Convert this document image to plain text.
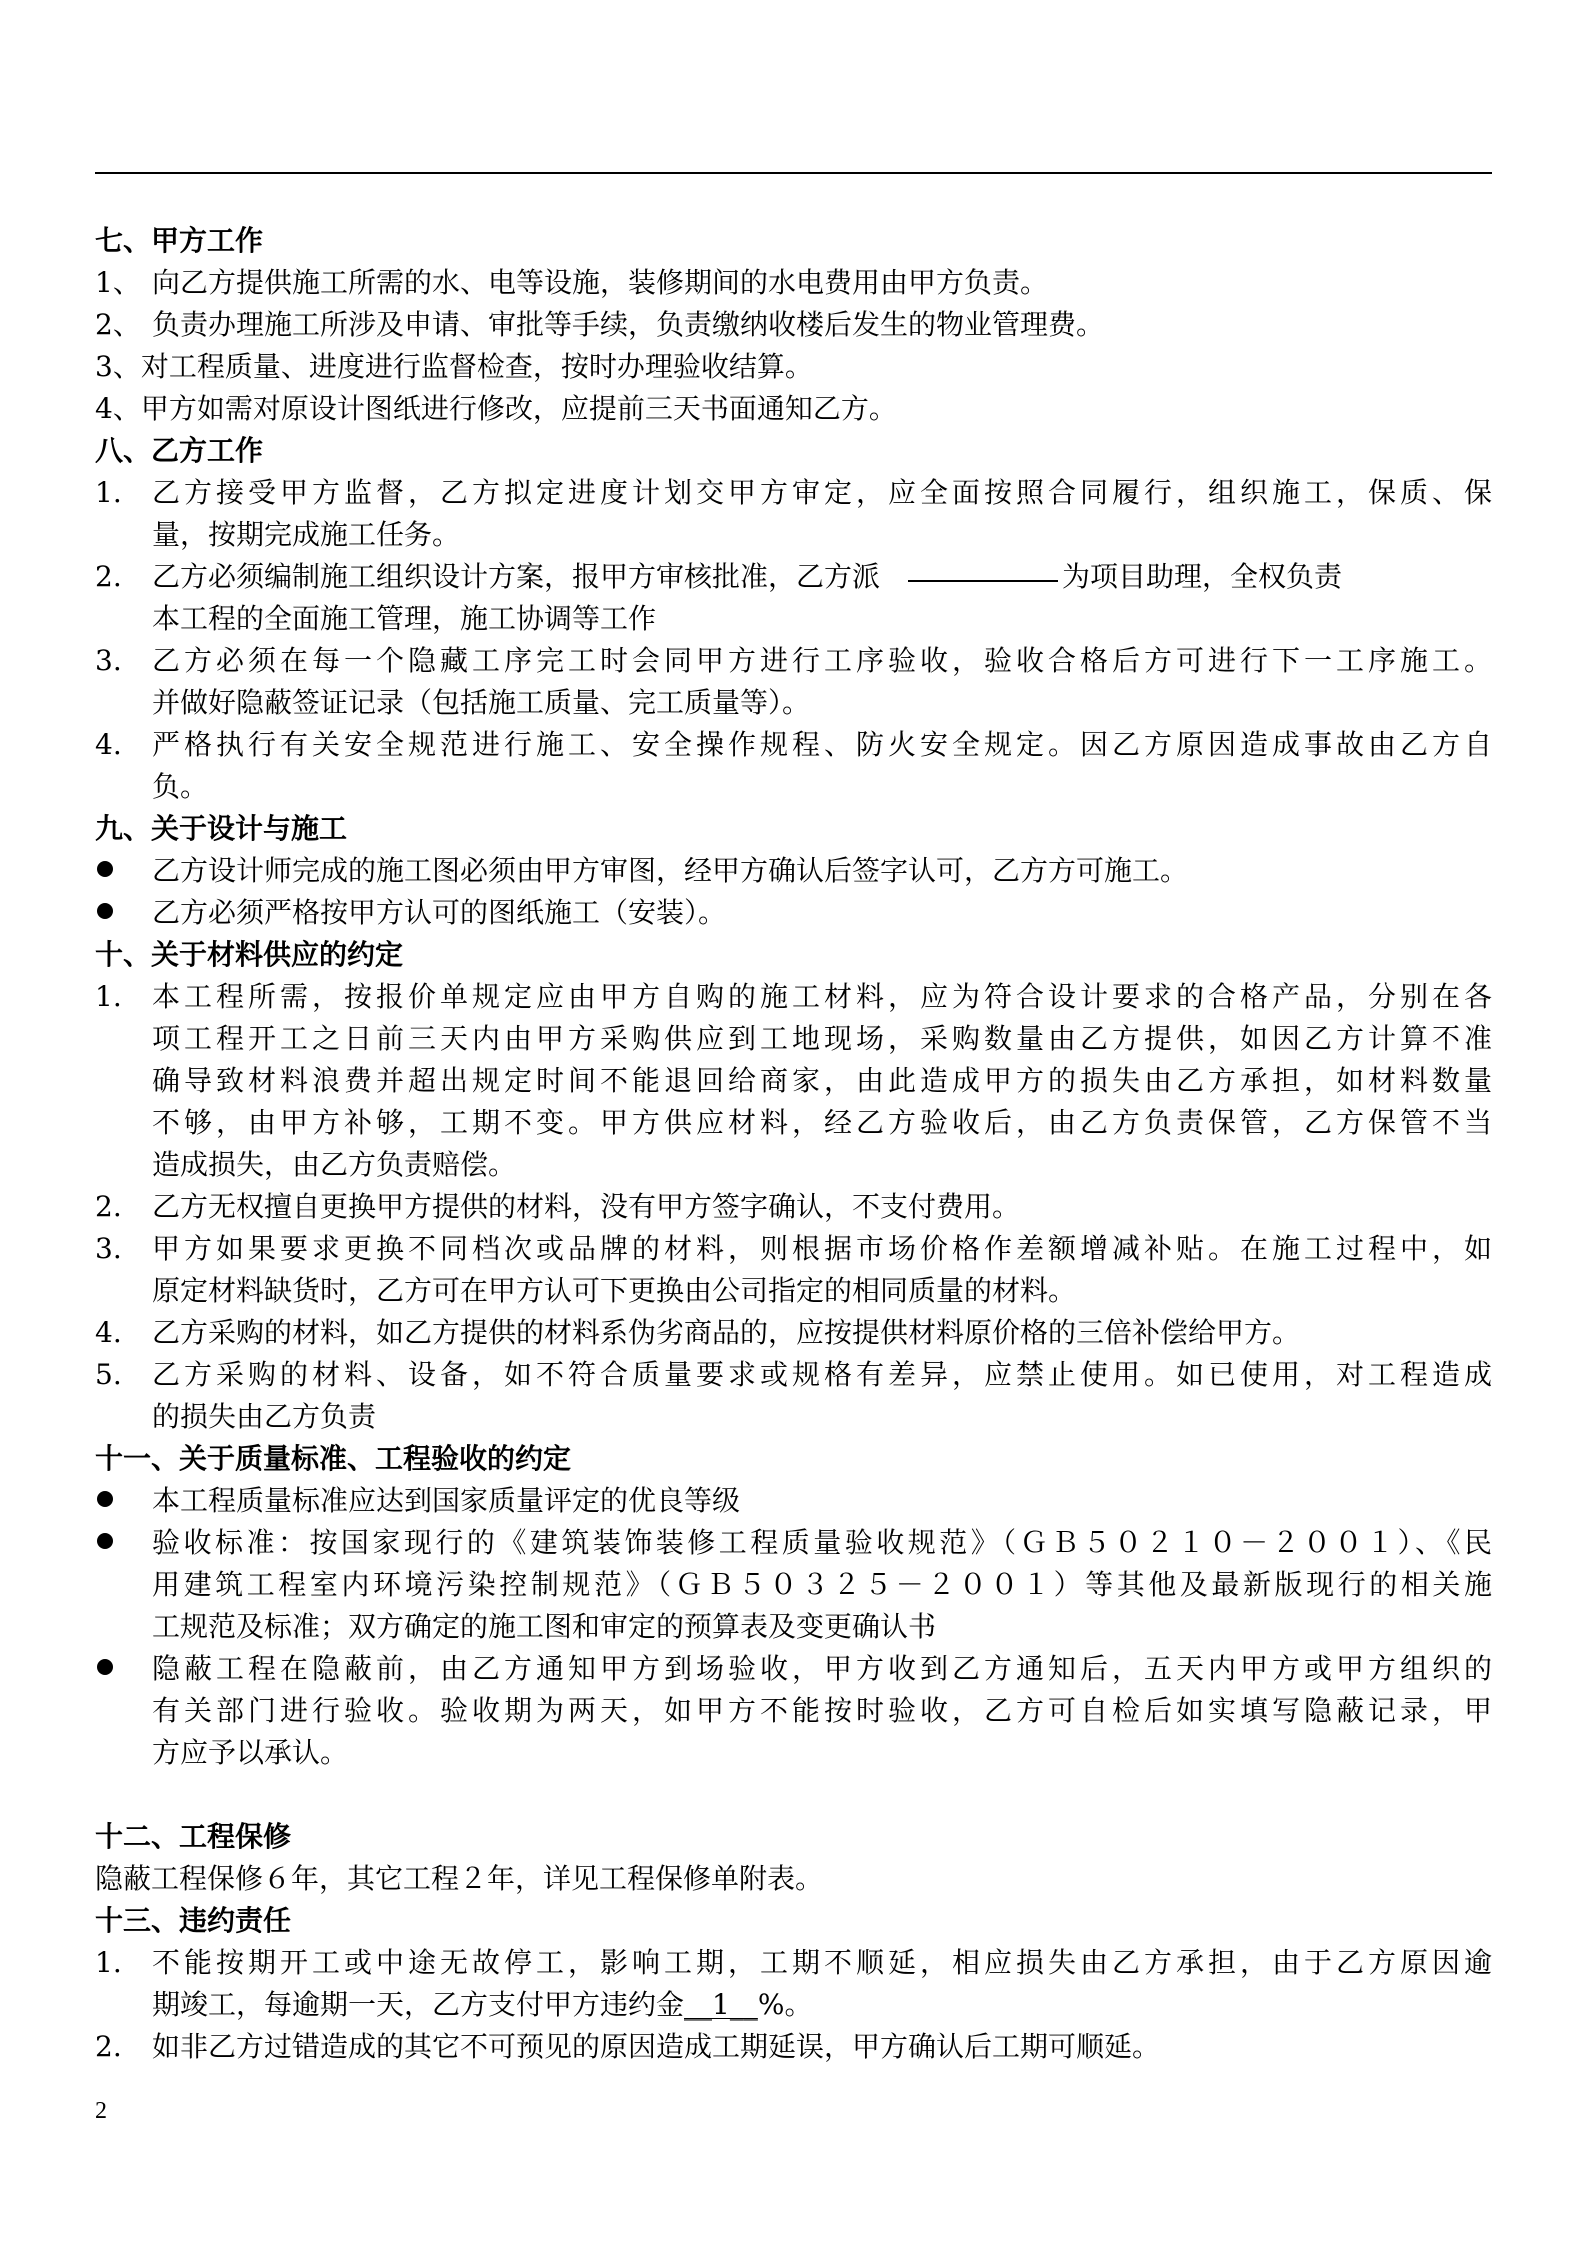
七、甲方工作
1、 向乙方提供施工所需的水、电等设施，装修期间的水电费用由甲方负责。
2、 负责办理施工所涉及申请、审批等手续，负责缴纳收楼后发生的物业管理费。
3、对工程质量、进度进行监督检查，按时办理验收结算。
4、甲方如需对原设计图纸进行修改，应提前三天书面通知乙方。
八、乙方工作
1.	乙方接受甲方监督，乙方拟定进度计划交甲方审定，应全面按照合同履行，组织施工，保质、保
量，按期完成施工任务。
2.	乙方必须编制施工组织设计方案，报甲方审核批准，乙方派	为项目助理，全权负责
本工程的全面施工管理，施工协调等工作
3.	乙方必须在每一个隐藏工序完工时会同甲方进行工序验收，验收合格后方可进行下一工序施工。
并做好隐蔽签证记录（包括施工质量、完工质量等）。
4.	严格执行有关安全规范进行施工、安全操作规程、防火安全规定。因乙方原因造成事故由乙方自
负。
九、关于设计与施工
乙方设计师完成的施工图必须由甲方审图，经甲方确认后签字认可，乙方方可施工。
乙方必须严格按甲方认可的图纸施工（安装）。
十、关于材料供应的约定
1.	本工程所需，按报价单规定应由甲方自购的施工材料，应为符合设计要求的合格产品，分别在各
项工程开工之日前三天内由甲方采购供应到工地现场，采购数量由乙方提供，如因乙方计算不准
确导致材料浪费并超出规定时间不能退回给商家，由此造成甲方的损失由乙方承担，如材料数量
不够，由甲方补够，工期不变。甲方供应材料，经乙方验收后，由乙方负责保管，乙方保管不当
造成损失，由乙方负责赔偿。
2.	乙方无权擅自更换甲方提供的材料，没有甲方签字确认，不支付费用。
3.	甲方如果要求更换不同档次或品牌的材料，则根据市场价格作差额增减补贴。在施工过程中，如
原定材料缺货时，乙方可在甲方认可下更换由公司指定的相同质量的材料。
4.	乙方采购的材料，如乙方提供的材料系伪劣商品的，应按提供材料原价格的三倍补偿给甲方。
5.	乙方采购的材料、设备，如不符合质量要求或规格有差异，应禁止使用。如已使用，对工程造成
的损失由乙方负责
十一、关于质量标准、工程验收的约定
本工程质量标准应达到国家质量评定的优良等级
验收标准：按国家现行的《建筑装饰装修工程质量验收规范》（ＧＢ５０２１０－２００１）、《民
用建筑工程室内环境污染控制规范》（ＧＢ５０３２５－２００１）等其他及最新版现行的相关施
工规范及标准；双方确定的施工图和审定的预算表及变更确认书
隐蔽工程在隐蔽前，由乙方通知甲方到场验收，甲方收到乙方通知后，五天内甲方或甲方组织的
有关部门进行验收。验收期为两天，如甲方不能按时验收，乙方可自检后如实填写隐蔽记录，甲
方应予以承认。
十二、工程保修
隐蔽工程保修６年，其它工程２年，详见工程保修单附表。
十三、违约责任
1.	不能按期开工或中途无故停工，影响工期，工期不顺延，相应损失由乙方承担，由于乙方原因逾
期竣工，每逾期一天，乙方支付甲方违约金__1__%。
2.	如非乙方过错造成的其它不可预见的原因造成工期延误，甲方确认后工期可顺延。
2
